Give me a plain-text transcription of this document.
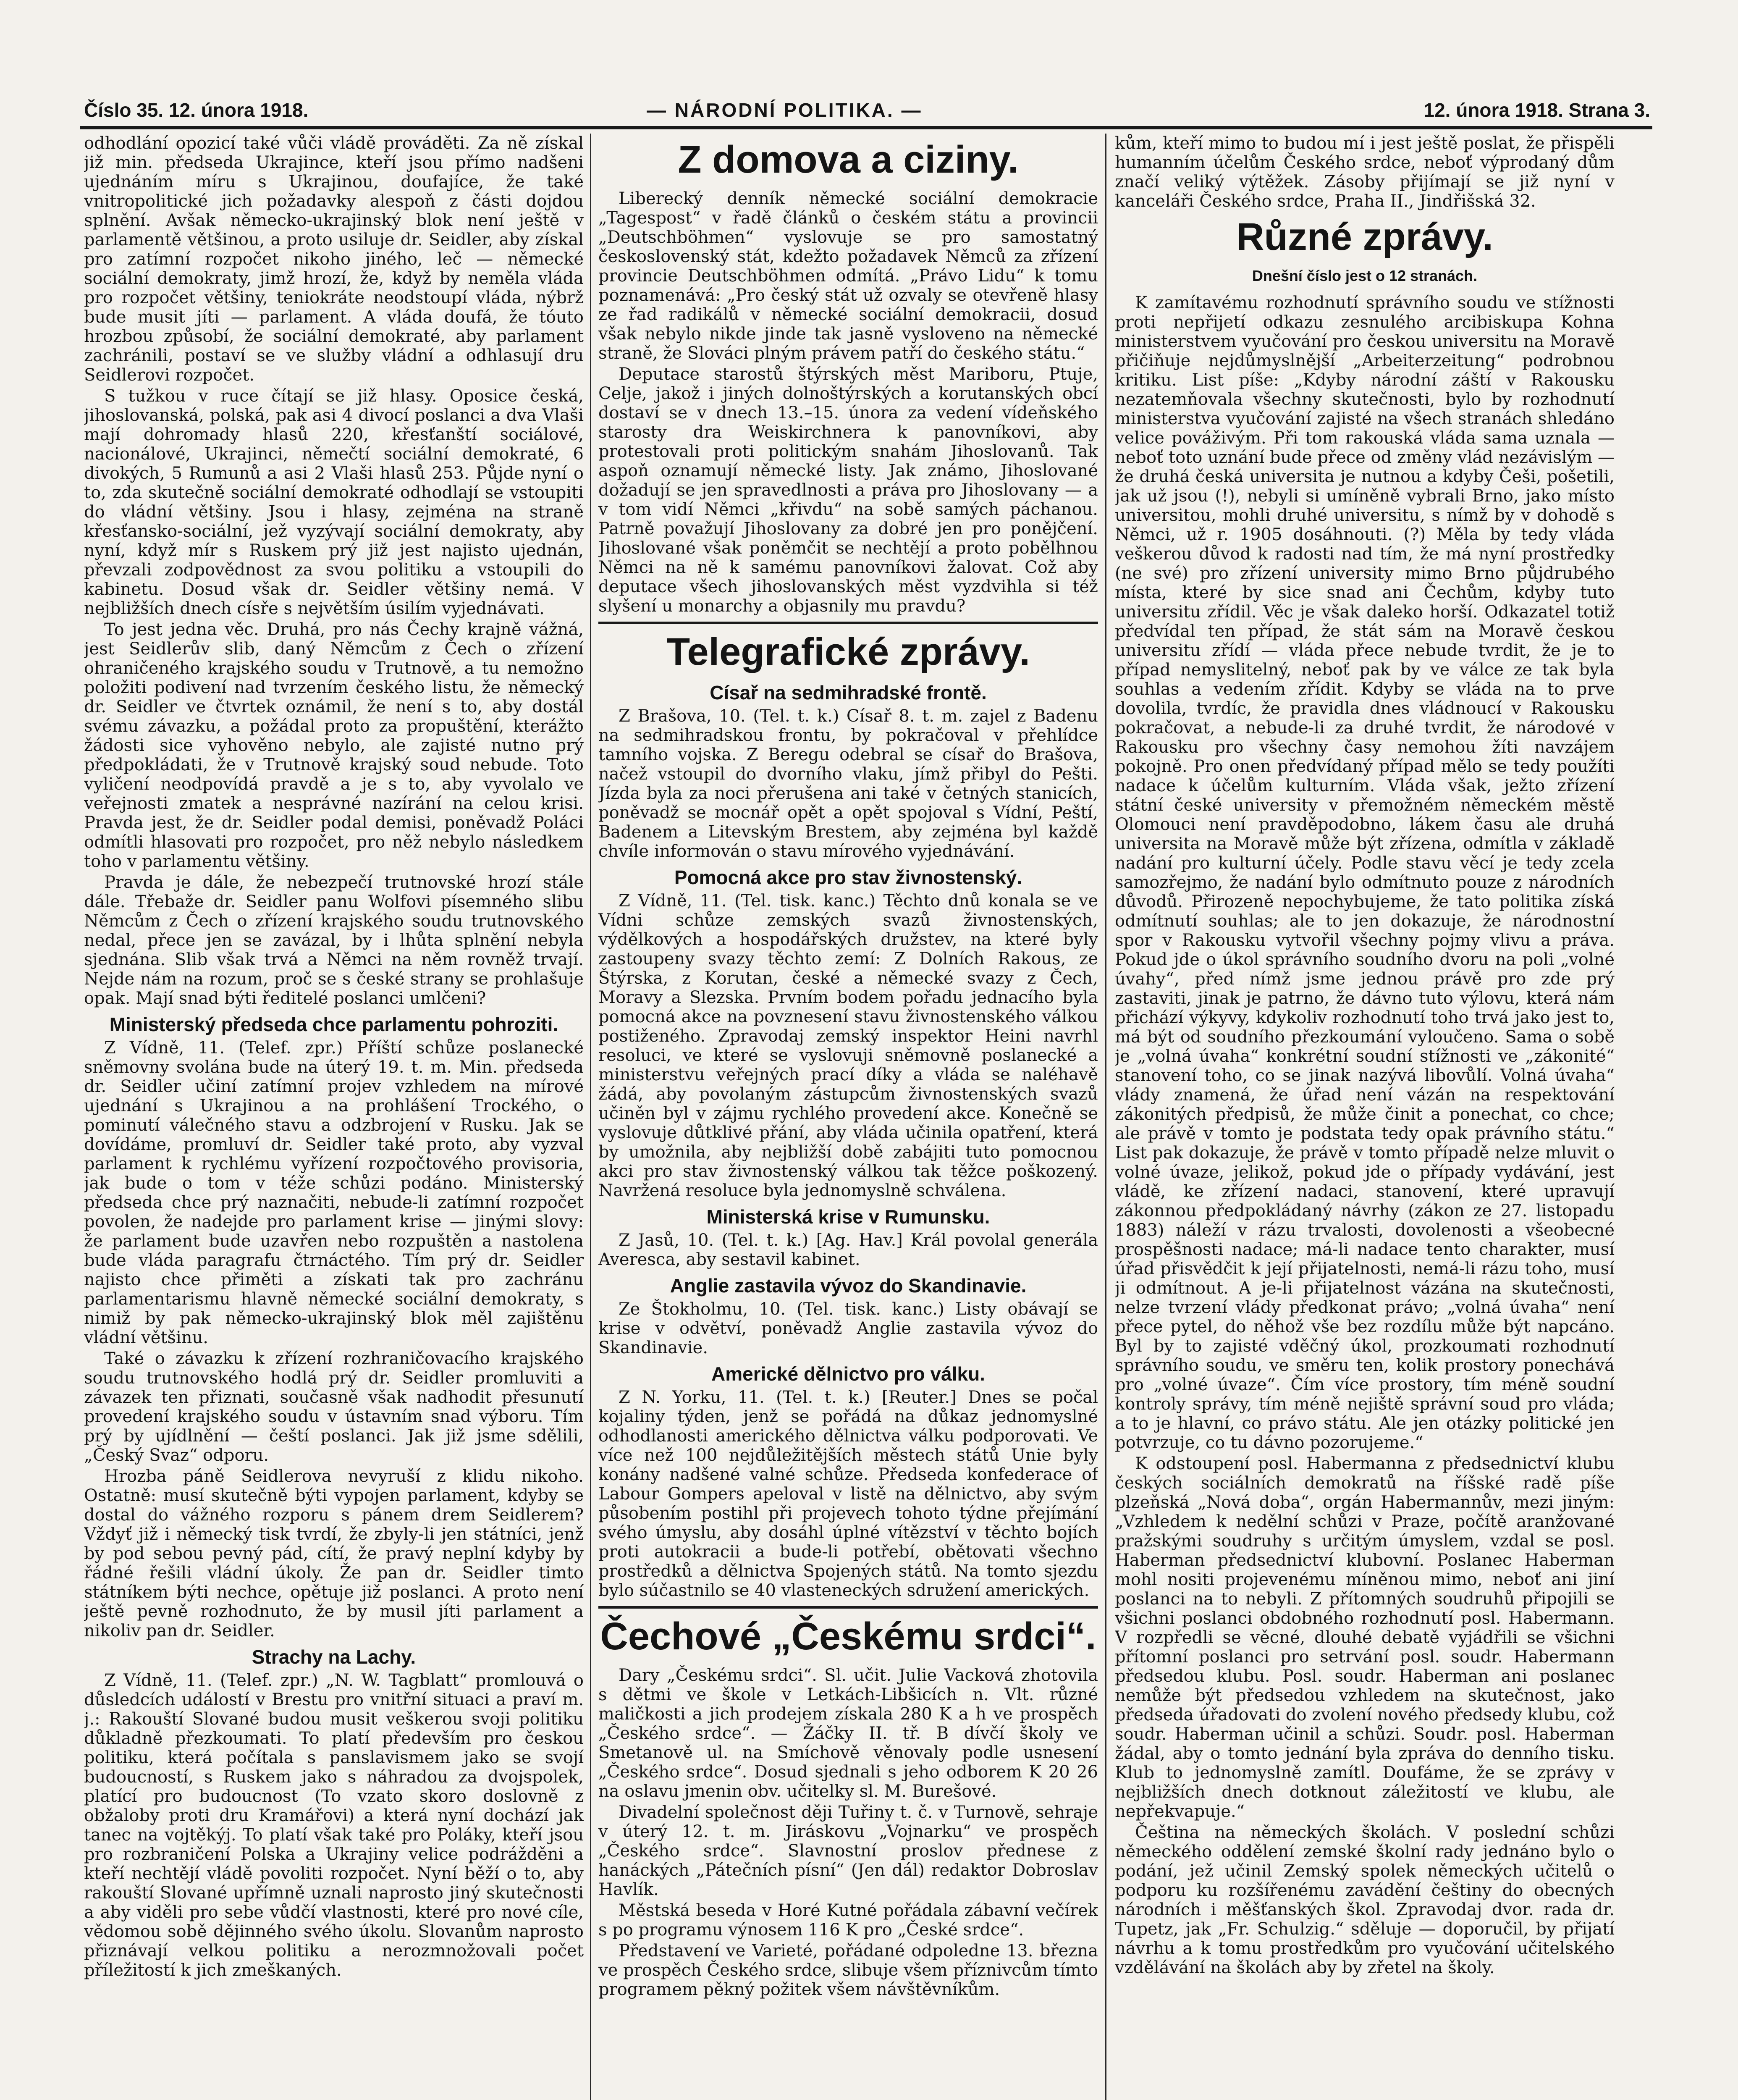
Číslo 35. 12. února 1918.	— NÁRODNÍ POLITIKA. —	12. února 1918. Strana 3.

odhodlání opozicí také vůči vládě prováděti. Za ně získal již min. předseda Ukrajince, kteří jsou přímo nadšeni ujednáním míru s Ukrajinou, doufajíce, že také vnitropolitické jich požadavky alespoň z části dojdou splnění. Avšak německo-ukrajinský blok není ještě v parlamentě většinou, a proto usiluje dr. Seidler, aby získal pro zatímní rozpočet nikoho jiného, leč — německé sociální demokraty, jimž hrozí, že, když by neměla vláda pro rozpočet většiny, teniokráte neodstoupí vláda, nýbrž bude musit jíti — parlament. A vláda doufá, že tóuto hrozbou způsobí, že sociální demokraté, aby parlament zachránili, postaví se ve služby vládní a odhlasují dru Seidlerovi rozpočet.

S tužkou v ruce čítají se již hlasy. Oposice česká, jihoslovanská, polská, pak asi 4 divocí poslanci a dva Vlaši mají dohromady hlasů 220, křesťanští sociálové, nacionálové, Ukrajinci, němečtí sociální demokraté, 6 divokých, 5 Rumunů a asi 2 Vlaši hlasů 253. Půjde nyní o to, zda skutečně sociální demokraté odhodlají se vstoupiti do vládní většiny. Jsou i hlasy, zejména na straně křesťansko-sociální, jež vyzývají sociální demokraty, aby nyní, když mír s Ruskem prý již jest najisto ujednán, převzali zodpovědnost za svou politiku a vstoupili do kabinetu. Dosud však dr. Seidler většiny nemá. V nejbližších dnech císře s největším úsilím vyjednávati.

To jest jedna věc. Druhá, pro nás Čechy krajně vážná, jest Seidlerův slib, daný Němcům z Čech o zřízení ohraničeného krajského soudu v Trutnově, a tu nemožno položiti podivení nad tvrzením českého listu, že německý dr. Seidler ve čtvrtek oznámil, že není s to, aby dostál svému závazku, a požádal proto za propuštění, kterážto žádosti sice vyhověno nebylo, ale zajisté nutno prý předpokládati, že v Trutnově krajský soud nebude. Toto vyličení neodpovídá pravdě a je s to, aby vyvolalo ve veřejnosti zmatek a nesprávné nazírání na celou krisi. Pravda jest, že dr. Seidler podal demisi, poněvadž Poláci odmítli hlasovati pro rozpočet, pro něž nebylo následkem toho v parlamentu většiny.

Pravda je dále, že nebezpečí trutnovské hrozí stále dále. Třebaže dr. Seidler panu Wolfovi písemného slibu Němcům z Čech o zřízení krajského soudu trutnovského nedal, přece jen se zavázal, by i lhůta splnění nebyla sjednána. Slib však trvá a Němci na něm rovněž trvají. Nejde nám na rozum, proč se s české strany se prohlašuje opak. Mají snad býti ředitelé poslanci umlčeni?

Ministerský předseda chce parlamentu pohroziti.

Z Vídně, 11. (Telef. zpr.) Příští schůze poslanecké sněmovny svolána bude na úterý 19. t. m. Min. předseda dr. Seidler učiní zatímní projev vzhledem na mírové ujednání s Ukrajinou a na prohlášení Trockého, o pominutí válečného stavu a odzbrojení v Rusku. Jak se dovídáme, promluví dr. Seidler také proto, aby vyzval parlament k rychlému vyřízení rozpočtového provisoria, jak bude o tom v téže schůzi podáno. Ministerský předseda chce prý naznačiti, nebude-li zatímní rozpočet povolen, že nadejde pro parlament krise — jinými slovy: že parlament bude uzavřen nebo rozpuštěn a nastolena bude vláda paragrafu čtrnáctého. Tím prý dr. Seidler najisto chce přiměti a získati tak pro zachránu parlamentarismu hlavně německé sociální demokraty, s nimiž by pak německo-ukrajinský blok měl zajištěnu vládní většinu.

Také o závazku k zřízení rozhraničovacího krajského soudu trutnovského hodlá prý dr. Seidler promluviti a závazek ten přiznati, současně však nadhodit přesunutí provedení krajského soudu v ústavním snad výboru. Tím prý by ujídlnění — čeští poslanci. Jak již jsme sdělili, „Český Svaz“ odporu.

Hrozba páně Seidlerova nevyruší z klidu nikoho. Ostatně: musí skutečně býti vypojen parlament, kdyby se dostal do vážného rozporu s pánem drem Seidlerem? Vždyť již i německý tisk tvrdí, že zbyly-li jen státníci, jenž by pod sebou pevný pád, cítí, že pravý neplní kdyby by řádné řešili vládní úkoly. Že pan dr. Seidler timto státníkem býti nechce, opětuje již poslanci. A proto není ještě pevně rozhodnuto, že by musil jíti parlament a nikoliv pan dr. Seidler.

Strachy na Lachy.

Z Vídně, 11. (Telef. zpr.) „N. W. Tagblatt“ promlouvá o důsledcích událostí v Brestu pro vnitřní situaci a praví m. j.: Rakouští Slované budou musit veškerou svoji politiku důkladně přezkoumati. To platí především pro českou politiku, která počítala s panslavismem jako se svojí budoucností, s Ruskem jako s náhradou za dvojspolek, platící pro budoucnost (To vzato skoro doslovně z obžaloby proti dru Kramářovi) a která nyní dochází jak tanec na vojtěkýj. To platí však také pro Poláky, kteří jsou pro rozbraničení Polska a Ukrajiny velice podrážděni a kteří nechtějí vládě povoliti rozpočet. Nyní běží o to, aby rakouští Slované upřímně uznali naprosto jiný skutečnosti a aby viděli pro sebe vůdčí vlastnosti, které pro nové cíle, vědomou sobě dějinného svého úkolu. Slovanům naprosto přiznávají velkou politiku a nerozmnožovali počet příležitostí k jich zmeškaných.

Z domova a ciziny.

Liberecký denník německé sociální demokracie „Tagespost“ v řadě článků o českém státu a provincii „Deutschböhmen“ vyslovuje se pro samostatný československý stát, kdežto požadavek Němců za zřízení provincie Deutschböhmen odmítá. „Právo Lidu“ k tomu poznamenává: „Pro český stát už ozvaly se otevřeně hlasy ze řad radikálů v německé sociální demokracii, dosud však nebylo nikde jinde tak jasně vysloveno na německé straně, že Slováci plným právem patří do českého státu.“

Deputace starostů štýrských měst Mariboru, Ptuje, Celje, jakož i jiných dolnoštýrských a korutanských obcí dostaví se v dnech 13.–15. února za vedení vídeňského starosty dra Weiskirchnera k panovníkovi, aby protestovali proti politickým snahám Jihoslovanů. Tak aspoň oznamují německé listy. Jak známo, Jihoslované dožadují se jen spravedlnosti a práva pro Jihoslovany — a v tom vidí Němci „křivdu“ na sobě samých páchanou. Patrně považují Jihoslovany za dobré jen pro ponějčení. Jihoslované však poněmčit se nechtějí a proto pobělhnou Němci na ně k samému panovníkovi žalovat. Což aby deputace všech jihoslovanských měst vyzdvihla si též slyšení u monarchy a objasnily mu pravdu?

Telegrafické zprávy.
Císař na sedmihradské frontě.

Z Brašova, 10. (Tel. t. k.) Císař 8. t. m. zajel z Badenu na sedmihradskou frontu, by pokračoval v přehlídce tamního vojska. Z Beregu odebral se císař do Brašova, načež vstoupil do dvorního vlaku, jímž přibyl do Pešti. Jízda byla za noci přerušena ani také v četných stanicích, poněvadž se mocnář opět a opět spojoval s Vídní, Peští, Badenem a Litevským Brestem, aby zejména byl každě chvíle informován o stavu mírového vyjednávání.

Pomocná akce pro stav živnostenský.

Z Vídně, 11. (Tel. tisk. kanc.) Těchto dnů konala se ve Vídni schůze zemských svazů živnostenských, výdělkových a hospodářských družstev, na které byly zastoupeny svazy těchto zemí: Z Dolních Rakous, ze Štýrska, z Korutan, české a německé svazy z Čech, Moravy a Slezska. Prvním bodem pořadu jednacího byla pomocná akce na povznesení stavu živnostenského válkou postiženého. Zpravodaj zemský inspektor Heini navrhl resoluci, ve které se vyslovuji sněmovně poslanecké a ministerstvu veřejných prací díky a vláda se naléhavě žádá, aby povolaným zástupcům živnostenských svazů učiněn byl v zájmu rychlého provedení akce. Konečně se vyslovuje důtklivé přání, aby vláda učinila opatření, která by umožnila, aby nejbližší době zabájiti tuto pomocnou akci pro stav živnostenský válkou tak těžce poškozený. Navržená resoluce byla jednomyslně schválena.

Ministerská krise v Rumunsku.

Z Jasů, 10. (Tel. t. k.) [Ag. Hav.] Král povolal generála Averesca, aby sestavil kabinet.

Anglie zastavila vývoz do Skandinavie.

Ze Štokholmu, 10. (Tel. tisk. kanc.) Listy obávají se krise v odvětví, poněvadž Anglie zastavila vývoz do Skandinavie.

Americké dělnictvo pro válku.

Z N. Yorku, 11. (Tel. t. k.) [Reuter.] Dnes se počal kojaliny týden, jenž se pořádá na důkaz jednomyslné odhodlanosti amerického dělnictva válku podporovati. Ve více než 100 nejdůležitějších městech států Unie byly konány nadšené valné schůze. Předseda konfederace of Labour Gompers apeloval v listě na dělnictvo, aby svým působením postihl při projevech tohoto týdne přejímání svého úmyslu, aby dosáhl úplné vítězství v těchto bojích proti autokracii a bude-li potřebí, obětovati všechno prostředků a dělnictva Spojených států. Na tomto sjezdu bylo súčastnilo se 40 vlasteneckých sdružení amerických.

Čechové „Českému srdci“.

Dary „Českému srdci“. Sl. učit. Julie Vacková zhotovila s dětmi ve škole v Letkách-Libšicích n. Vlt. různé maličkosti a jich prodejem získala 280 K a h ve prospěch „Českého srdce“. — Žáčky II. tř. B dívčí školy ve Smetanově ul. na Smíchově věnovaly podle usnesení „Českého srdce“. Dosud sjednali s jeho odborem K 20 26 na oslavu jmenin obv. učitelky sl. M. Burešové.

Divadelní společnost ději Tuřiny t. č. v Turnově, sehraje v úterý 12. t. m. Jiráskovu „Vojnarku“ ve prospěch „Českého srdce“. Slavnostní proslov přednese z hanáckých „Pátečních písní“ (Jen dál) redaktor Dobroslav Havlík.

Městská beseda v Horé Kutné pořádala zábavní večírek s po programu výnosem 116 K pro „České srdce“.

Představení ve Varieté, pořádané odpoledne 13. března ve prospěch Českého srdce, slibuje všem příznivcům tímto programem pěkný požitek všem návštěvníkům.

kům, kteří mimo to budou mí i jest ještě poslat, že přispěli humanním účelům Českého srdce, neboť výprodaný dům značí veliký výtěžek. Zásoby přijímají se již nyní v kanceláři Českého srdce, Praha II., Jindřišská 32.

Různé zprávy.
Dnešní číslo jest o 12 stranách.

K zamítavému rozhodnutí správního soudu ve stížnosti proti nepřijetí odkazu zesnulého arcibiskupa Kohna ministerstvem vyučování pro českou universitu na Moravě přičiňuje nejdůmyslnější „Arbeiterzeitung“ podrobnou kritiku. List píše: „Kdyby národní záští v Rakousku nezatemňovala všechny skutečnosti, bylo by rozhodnutí ministerstva vyučování zajisté na všech stranách shledáno velice pováživým. Při tom rakouská vláda sama uznala — neboť toto uznání bude přece od změny vlád nezávislým — že druhá česká universita je nutnou a kdyby Češi, pošetili, jak už jsou (!), nebyli si umíněně vybrali Brno, jako místo universitou, mohli druhé universitu, s nímž by v dohodě s Němci, už r. 1905 dosáhnouti. (?) Měla by tedy vláda veškerou důvod k radosti nad tím, že má nyní prostředky (ne své) pro zřízení university mimo Brno půjdrubého místa, které by sice snad ani Čechům, kdyby tuto universitu zřídil. Věc je však daleko horší. Odkazatel totiž předvídal ten případ, že stát sám na Moravě českou universitu zřídí — vláda přece nebude tvrdit, že je to případ nemyslitelný, neboť pak by ve válce ze tak byla souhlas a vedením zřídit. Kdyby se vláda na to prve dovolila, tvrdíc, že pravidla dnes vládnoucí v Rakousku pokračovat, a nebude-li za druhé tvrdit, že národové v Rakousku pro všechny časy nemohou žíti navzájem pokojně. Pro onen předvídaný případ mělo se tedy použíti nadace k účelům kulturním. Vláda však, ježto zřízení státní české university v přemožném německém městě Olomouci není pravděpodobno, lákem času ale druhá universita na Moravě může být zřízena, odmítla v základě nadání pro kulturní účely. Podle stavu věcí je tedy zcela samozřejmo, že nadání bylo odmítnuto pouze z národních důvodů. Přirozeně nepochybujeme, že tato politika získá odmítnutí souhlas; ale to jen dokazuje, že národnostní spor v Rakousku vytvořil všechny pojmy vlivu a práva. Pokud jde o úkol správního soudního dvoru na poli „volné úvahy“, před nímž jsme jednou právě pro zde prý zastaviti, jinak je patrno, že dávno tuto výlovu, která nám přichází výkyvy, kdykoliv rozhodnutí toho trvá jako jest to, má být od soudního přezkoumání vyloučeno. Sama o sobě je „volná úvaha“ konkrétní soudní stížnosti ve „zákonité“ stanovení toho, co se jinak nazývá libovůlí. Volná úvaha“ vlády znamená, že úřad není vázán na respektování zákonitých předpisů, že může činit a ponechat, co chce; ale právě v tomto je podstata tedy opak právního státu.“ List pak dokazuje, že právě v tomto případě nelze mluvit o volné úvaze, jelikož, pokud jde o případy vydávání, jest vládě, ke zřízení nadaci, stanovení, které upravují zákonnou předpokládaný návrhy (zákon ze 27. listopadu 1883) náleží v rázu trvalosti, dovolenosti a všeobecné prospěšnosti nadace; má-li nadace tento charakter, musí úřad přisvědčit k její přijatelnosti, nemá-li rázu toho, musí ji odmítnout. A je-li přijatelnost vázána na skutečnosti, nelze tvrzení vlády předkonat právo; „volná úvaha“ není přece pytel, do něhož vše bez rozdílu může být napcáno. Byl by to zajisté vděčný úkol, prozkoumati rozhodnutí správního soudu, ve směru ten, kolik prostory ponechává pro „volné úvaze“. Čím více prostory, tím méně soudní kontroly správy, tím méně nejiště správní soud pro vláda; a to je hlavní, co právo státu. Ale jen otázky politické jen potvrzuje, co tu dávno pozorujeme.“

K odstoupení posl. Habermanna z předsednictví klubu českých sociálních demokratů na říšské radě píše plzeňská „Nová doba“, orgán Habermannův, mezi jiným: „Vzhledem k nedělní schůzi v Praze, počítě aranžované pražskými soudruhy s určitým úmyslem, vzdal se posl. Haberman předsednictví klubovní. Poslanec Haberman mohl nositi projevenému míněnou mimo, neboť ani jiní poslanci na to nebyli. Z přítomných soudruhů připojili se všichni poslanci obdobného rozhodnutí posl. Habermann. V rozpředli se věcné, dlouhé debatě vyjádřili se všichni přítomní poslanci pro setrvání posl. soudr. Habermann předsedou klubu. Posl. soudr. Haberman ani poslanec nemůže být předsedou vzhledem na skutečnost, jako předseda úřadovati do zvolení nového předsedy klubu, což soudr. Haberman učinil a schůzi. Soudr. posl. Haberman žádal, aby o tomto jednání byla zpráva do denního tisku. Klub to jednomyslně zamítl. Doufáme, že se zprávy v nejbližších dnech dotknout záležitostí ve klubu, ale nepřekvapuje.“

Čeština na německých školách. V poslední schůzi německého oddělení zemské školní rady jednáno bylo o podání, jež učinil Zemský spolek německých učitelů o podporu ku rozšířenému zavádění češtiny do obecných národních i měšťanských škol. Zpravodaj dvor. rada dr. Tupetz, jak „Fr. Schulzig.“ sděluje — doporučil, by přijatí návrhu a k tomu prostředkům pro vyučování učitelského vzdělávání na školách aby by zřetel na školy.
